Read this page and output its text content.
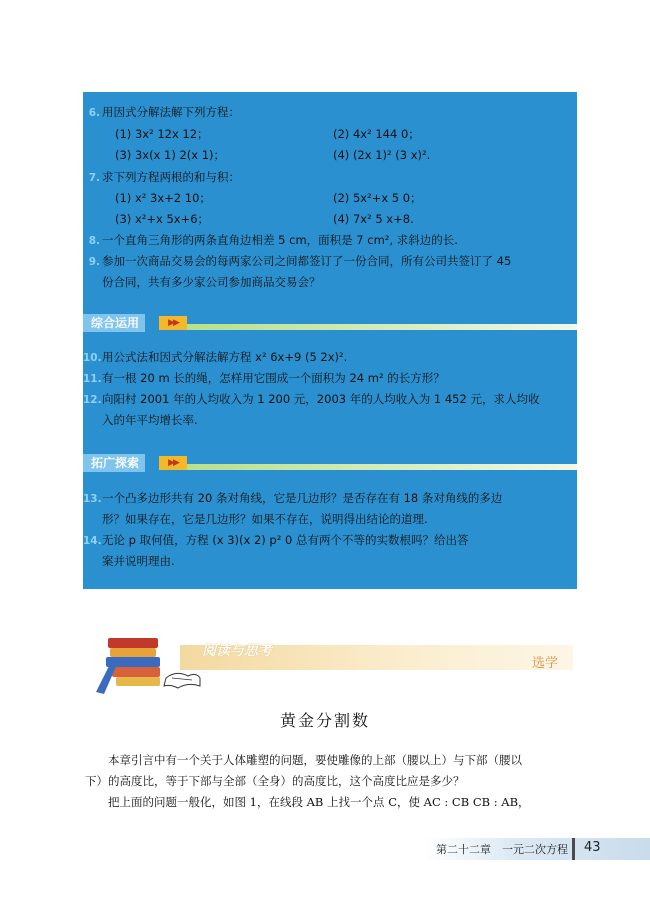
6. 用因式分解法解下列方程：
(1) 3x² 12x 12；	(2) 4x² 144 0；
(3) 3x(x 1) 2(x 1)；	(4) (2x 1)² (3 x)².
7. 求下列方程两根的和与积：
(1) x² 3x+2 10；	(2) 5x²+x 5 0；
(3) x²+x 5x+6；	(4) 7x² 5 x+8.
8. 一个直角三角形的两条直角边相差 5 cm，面积是 7 cm², 求斜边的长.
9. 参加一次商品交易会的每两家公司之间都签订了一份合同，所有公司共签订了 45
份合同，共有多少家公司参加商品交易会？
综合运用	▶▶
10.用公式法和因式分解法解方程 x² 6x+9 (5 2x)².
11.有一根 20 m 长的绳，怎样用它围成一个面积为 24 m² 的长方形？
12.向阳村 2001 年的人均收入为 1 200 元，2003 年的人均收入为 1 452 元，求人均收
入的年平均增长率.
拓广探索	▶▶
13.一个凸多边形共有 20 条对角线，它是几边形？是否存在有 18 条对角线的多边
形？如果存在，它是几边形？如果不存在，说明得出结论的道理.
14.无论 p 取何值，方程 (x 3)(x 2) p² 0 总有两个不等的实数根吗？给出答
案并说明理由.
阅读与思考
选学
黄金分割数
本章引言中有一个关于人体雕塑的问题，要使雕像的上部（腰以上）与下部（腰以
下）的高度比，等于下部与全部（全身）的高度比，这个高度比应是多少？
把上面的问题一般化，如图 1，在线段 AB 上找一个点 C，使 AC : CB CB : AB，
第二十二章　一元二次方程 43
